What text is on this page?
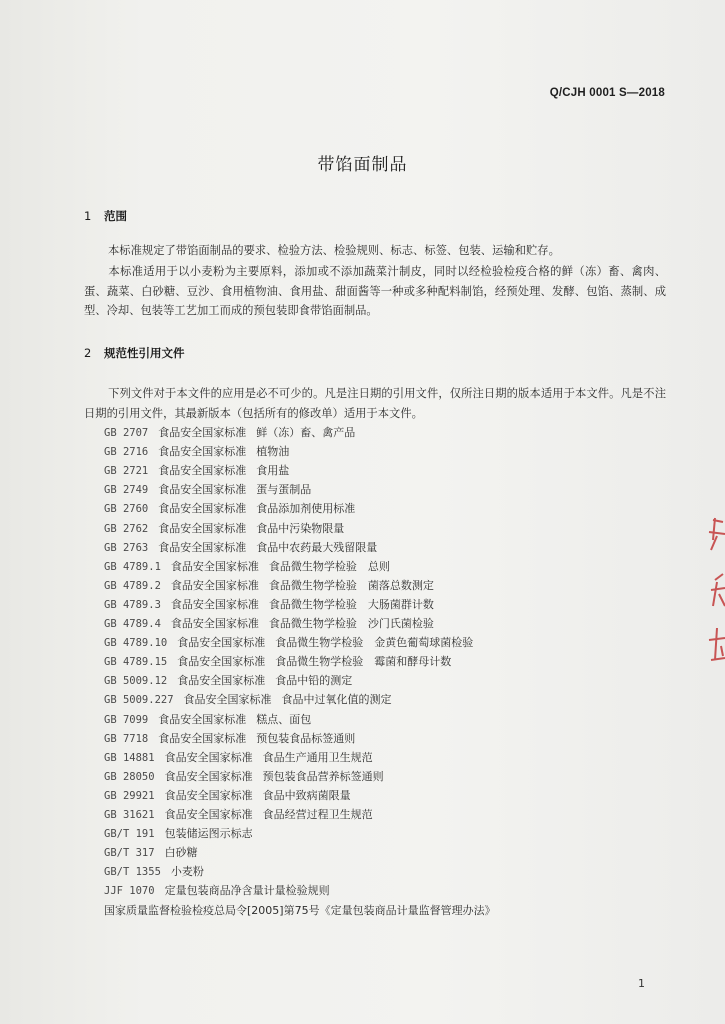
Q/CJH 0001 S—2018
带馅面制品
1 范围
本标准规定了带馅面制品的要求、检验方法、检验规则、标志、标签、包装、运输和贮存。
本标准适用于以小麦粉为主要原料，添加或不添加蔬菜汁制皮，同时以经检验检疫合格的鲜（冻）畜、禽肉、蛋、蔬菜、白砂糖、豆沙、食用植物油、食用盐、甜面酱等一种或多种配料制馅，经预处理、发酵、包馅、蒸制、成型、冷却、包装等工艺加工而成的预包装即食带馅面制品。
2 规范性引用文件
下列文件对于本文件的应用是必不可少的。凡是注日期的引用文件，仅所注日期的版本适用于本文件。凡是不注日期的引用文件，其最新版本（包括所有的修改单）适用于本文件。
GB 2707 食品安全国家标准 鲜（冻）畜、禽产品
GB 2716 食品安全国家标准 植物油
GB 2721 食品安全国家标准 食用盐
GB 2749 食品安全国家标准 蛋与蛋制品
GB 2760 食品安全国家标准 食品添加剂使用标准
GB 2762 食品安全国家标准 食品中污染物限量
GB 2763 食品安全国家标准 食品中农药最大残留限量
GB 4789.1 食品安全国家标准 食品微生物学检验　总则
GB 4789.2 食品安全国家标准 食品微生物学检验　菌落总数测定
GB 4789.3 食品安全国家标准 食品微生物学检验　大肠菌群计数
GB 4789.4 食品安全国家标准 食品微生物学检验　沙门氏菌检验
GB 4789.10 食品安全国家标准 食品微生物学检验　金黄色葡萄球菌检验
GB 4789.15 食品安全国家标准 食品微生物学检验　霉菌和酵母计数
GB 5009.12 食品安全国家标准 食品中铅的测定
GB 5009.227 食品安全国家标准 食品中过氧化值的测定
GB 7099 食品安全国家标准 糕点、面包
GB 7718 食品安全国家标准 预包装食品标签通则
GB 14881 食品安全国家标准 食品生产通用卫生规范
GB 28050 食品安全国家标准 预包装食品营养标签通则
GB 29921 食品安全国家标准 食品中致病菌限量
GB 31621 食品安全国家标准 食品经营过程卫生规范
GB/T 191 包装储运图示标志
GB/T 317 白砂糖
GB/T 1355 小麦粉
JJF 1070 定量包装商品净含量计量检验规则
国家质量监督检验检疫总局令[2005]第75号《定量包装商品计量监督管理办法》
1
